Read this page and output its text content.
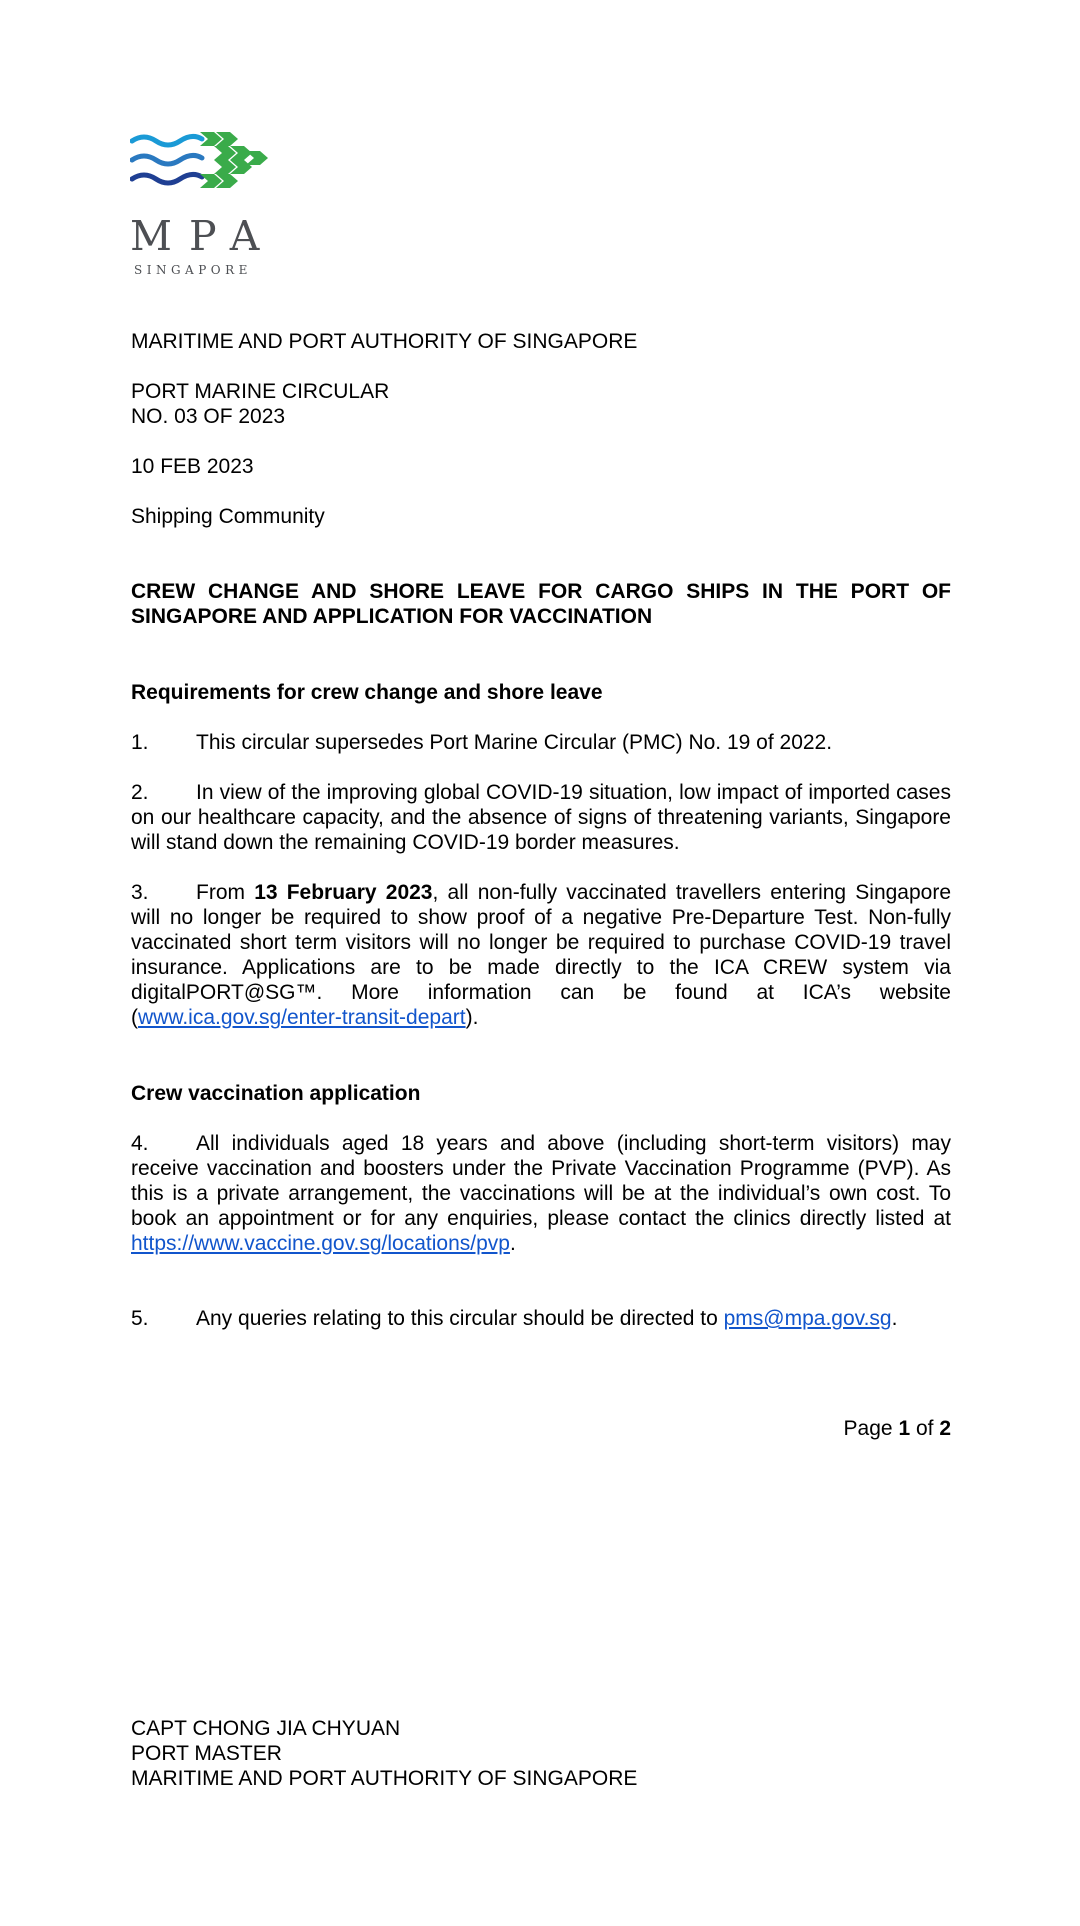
MPA
SINGAPORE
MARITIME AND PORT AUTHORITY OF SINGAPORE
PORT MARINE CIRCULAR
NO. 03 OF 2023
10 FEB 2023
Shipping Community
CREW CHANGE AND SHORE LEAVE FOR CARGO SHIPS IN THE PORT OF SINGAPORE AND APPLICATION FOR VACCINATION
Requirements for crew change and shore leave
1. This circular supersedes Port Marine Circular (PMC) No. 19 of 2022.
2. In view of the improving global COVID-19 situation, low impact of imported cases on our healthcare capacity, and the absence of signs of threatening variants, Singapore will stand down the remaining COVID-19 border measures.
3. From 13 February 2023, all non-fully vaccinated travellers entering Singapore will no longer be required to show proof of a negative Pre-Departure Test. Non-fully vaccinated short term visitors will no longer be required to purchase COVID-19 travel insurance. Applications are to be made directly to the ICA CREW system via digitalPORT@SG™. More information can be found at ICA’s website (www.ica.gov.sg/enter-transit-depart).
Crew vaccination application
4. All individuals aged 18 years and above (including short-term visitors) may receive vaccination and boosters under the Private Vaccination Programme (PVP). As this is a private arrangement, the vaccinations will be at the individual’s own cost. To book an appointment or for any enquiries, please contact the clinics directly listed at https://www.vaccine.gov.sg/locations/pvp.
5. Any queries relating to this circular should be directed to pms@mpa.gov.sg.
Page 1 of 2
CAPT CHONG JIA CHYUAN
PORT MASTER
MARITIME AND PORT AUTHORITY OF SINGAPORE
